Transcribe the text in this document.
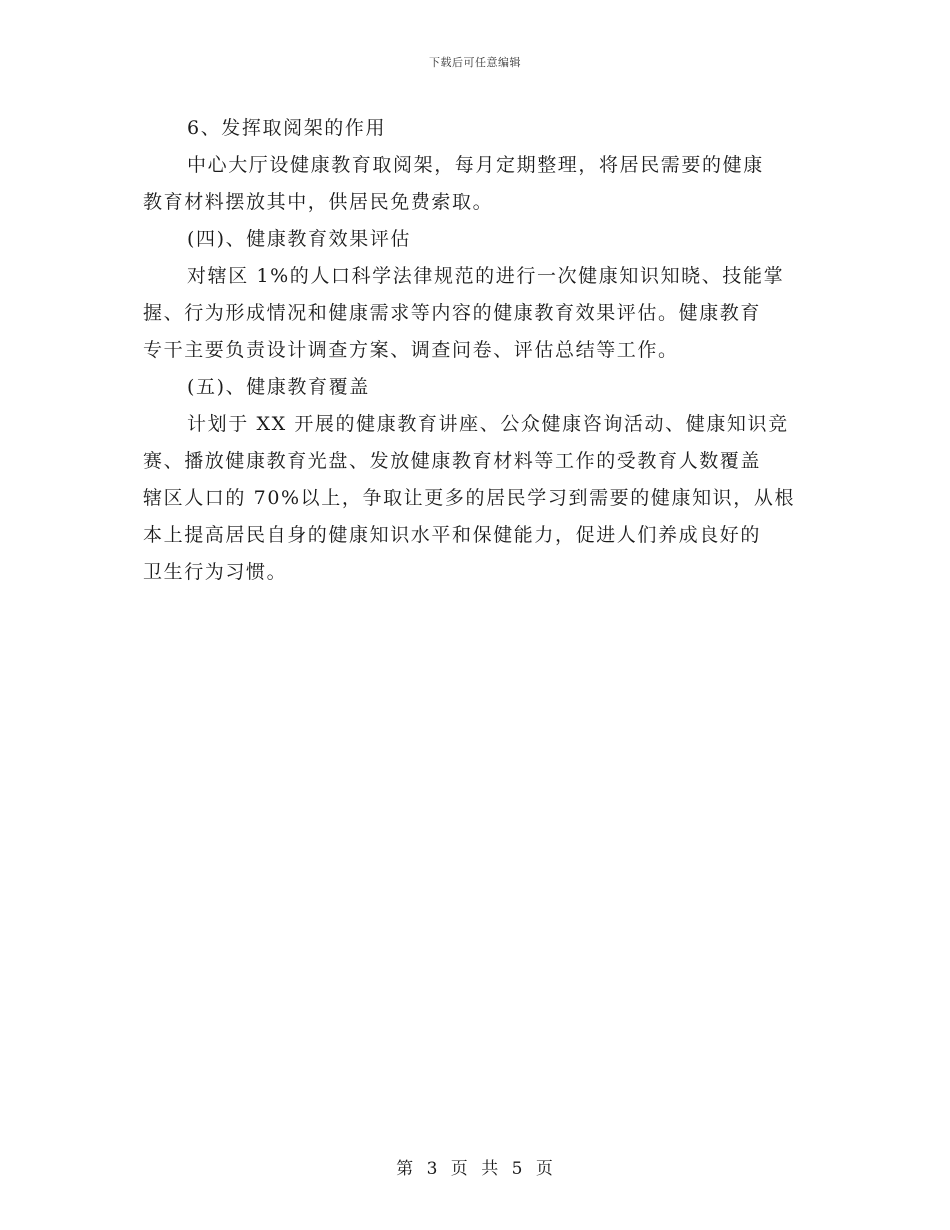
下载后可任意编辑
6、发挥取阅架的作用
中心大厅设健康教育取阅架，每月定期整理，将居民需要的健康
教育材料摆放其中，供居民免费索取。
(四)、健康教育效果评估
对辖区 1%的人口科学法律规范的进行一次健康知识知晓、技能掌
握、行为形成情况和健康需求等内容的健康教育效果评估。健康教育
专干主要负责设计调查方案、调查问卷、评估总结等工作。
(五)、健康教育覆盖
计划于 XX 开展的健康教育讲座、公众健康咨询活动、健康知识竞
赛、播放健康教育光盘、发放健康教育材料等工作的受教育人数覆盖
辖区人口的 70%以上，争取让更多的居民学习到需要的健康知识，从根
本上提高居民自身的健康知识水平和保健能力，促进人们养成良好的
卫生行为习惯。
第 3 页 共 5 页
